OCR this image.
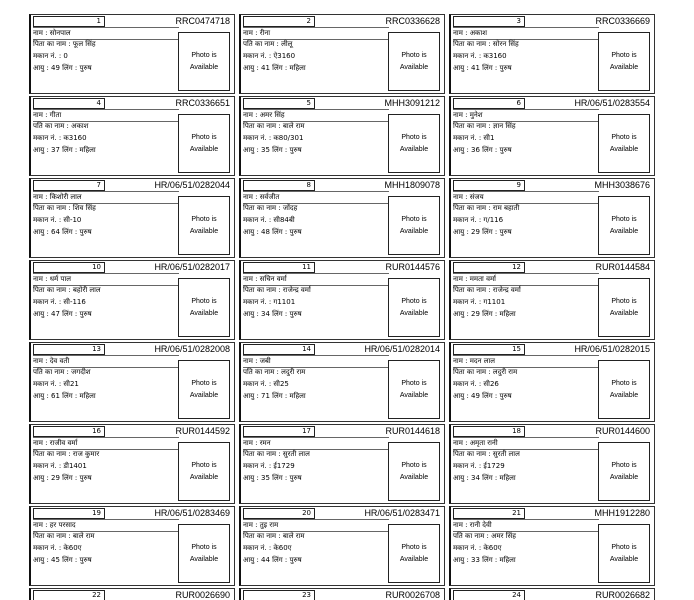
1	RRC0474718
नाम : सोनपाल
पिता का नाम : फूल सिंह
मकान नं. : 0
आयु : 49 लिंग : पुरुष
Photo is
Available
2	RRC0336628
नाम : रीना
पति का नाम : लीलू
मकान नं. : ऐ3160
आयु : 41 लिंग : महिला
Photo is
Available
3	RRC0336669
नाम : अकाश
पिता का नाम : सोरन सिंह
मकान नं. : क3160
आयु : 41 लिंग : पुरुष
Photo is
Available
4	RRC0336651
नाम : गीता
पति का नाम : अकाश
मकान नं. : क3160
आयु : 37 लिंग : महिला
Photo is
Available
5	MHH3091212
नाम : अमर सिंह
पिता का नाम : बाले राम
मकान नं. : क80/301
आयु : 35 लिंग : पुरुष
Photo is
Available
6	HR/06/51/0283554
नाम : मुनेश
पिता का नाम : ज्ञान सिंह
मकान नं. : सी1
आयु : 36 लिंग : पुरुष
Photo is
Available
7	HR/06/51/0282044
नाम : किशोरी लाल
पिता का नाम : शिव सिंह
मकान नं. : सी-10
आयु : 64 लिंग : पुरुष
Photo is
Available
8	MHH1809078
नाम : सर्वजीत
पिता का नाम : जोंदह
मकान नं. : सी84बी
आयु : 48 लिंग : पुरुष
Photo is
Available
9	MHH3038676
नाम : संजय
पिता का नाम : राम बहाती
मकान नं. : ग/116
आयु : 29 लिंग : पुरुष
Photo is
Available
10	HR/06/51/0282017
नाम : धर्म पाल
पिता का नाम : बहोरी लाल
मकान नं. : सी-116
आयु : 47 लिंग : पुरुष
Photo is
Available
11	RUR0144576
नाम : सचिन वर्मा
पिता का नाम : राजेन्द्र वर्मा
मकान नं. : ग1101
आयु : 34 लिंग : पुरुष
Photo is
Available
12	RUR0144584
नाम : ममता वर्मा
पिता का नाम : राजेन्द्र वर्मा
मकान नं. : ग1101
आयु : 29 लिंग : महिला
Photo is
Available
13	HR/06/51/0282008
नाम : देव वती
पति का नाम : जगदीश
मकान नं. : सी21
आयु : 61 लिंग : महिला
Photo is
Available
14	HR/06/51/0282014
नाम : जबी
पति का नाम : लदुरी राम
मकान नं. : सी25
आयु : 71 लिंग : महिला
Photo is
Available
15	HR/06/51/0282015
नाम : मदन लाल
पिता का नाम : लदुरी राम
मकान नं. : सी26
आयु : 49 लिंग : पुरुष
Photo is
Available
16	RUR0144592
नाम : राजीव वर्मा
पिता का नाम : राज कुमार
मकान नं. : डी1401
आयु : 29 लिंग : पुरुष
Photo is
Available
17	RUR0144618
नाम : रमन
पिता का नाम : सुरती लाल
मकान नं. : ई1729
आयु : 35 लिंग : पुरुष
Photo is
Available
18	RUR0144600
नाम : अमृता रानी
पिता का नाम : सुरती लाल
मकान नं. : ई1729
आयु : 34 लिंग : महिला
Photo is
Available
19	HR/06/51/0283469
नाम : हर परसाद
पिता का नाम : बाले राम
मकान नं. : के60ए
आयु : 45 लिंग : पुरुष
Photo is
Available
20	HR/06/51/0283471
नाम : तुइ राम
पिता का नाम : बाले राम
मकान नं. : के60ए
आयु : 44 लिंग : पुरुष
Photo is
Available
21	MHH1912280
नाम : रानी देवी
पति का नाम : अमर सिंह
मकान नं. : के60ए
आयु : 33 लिंग : महिला
Photo is
Available
22	RUR0026690	23	RUR0026708	24	RUR0026682
